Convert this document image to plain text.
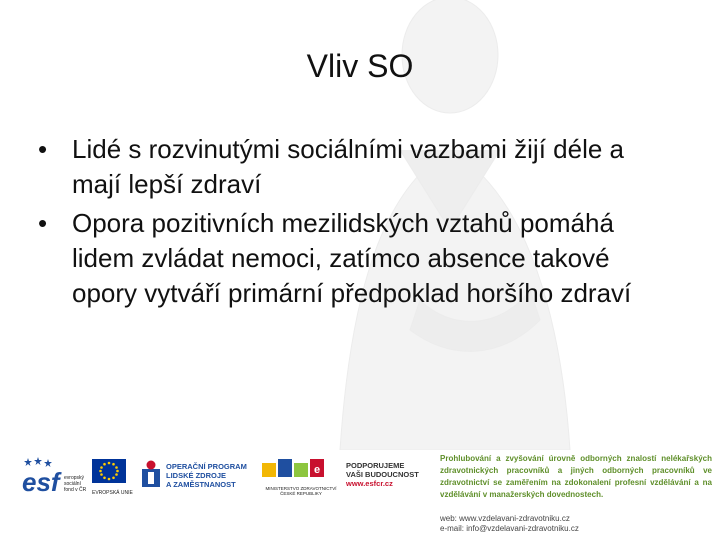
Vliv SO
• Lidé s rozvinutými sociálními vazbami žijí déle a mají lepší zdraví
• Opora pozitivních mezilidských vztahů pomáhá lidem zvládat nemoci, zatímco absence takové opory vytváří primární předpoklad horšího zdraví
esf evropský
sociální
fond v ČR EVROPSKÁ UNIE
OPERAČNÍ PROGRAM
LIDSKÉ ZDROJE
A ZAMĚSTNANOST
e
MINISTERSTVO ZDRAVOTNICTVÍ
ČESKÉ REPUBLIKY
PODPORUJEME
VAŠI BUDOUCNOST
www.esfcr.cz
Prohlubování a zvyšování úrovně odborných znalostí nelékařských zdravotnických pracovníků a jiných odborných pracovníků ve zdravotnictví se zaměřením na zdokonalení profesní vzdělávání a na vzdělávání v manažerských dovednostech.
web: www.vzdelavani-zdravotniku.cz
e-mail: info@vzdelavani-zdravotniku.cz
